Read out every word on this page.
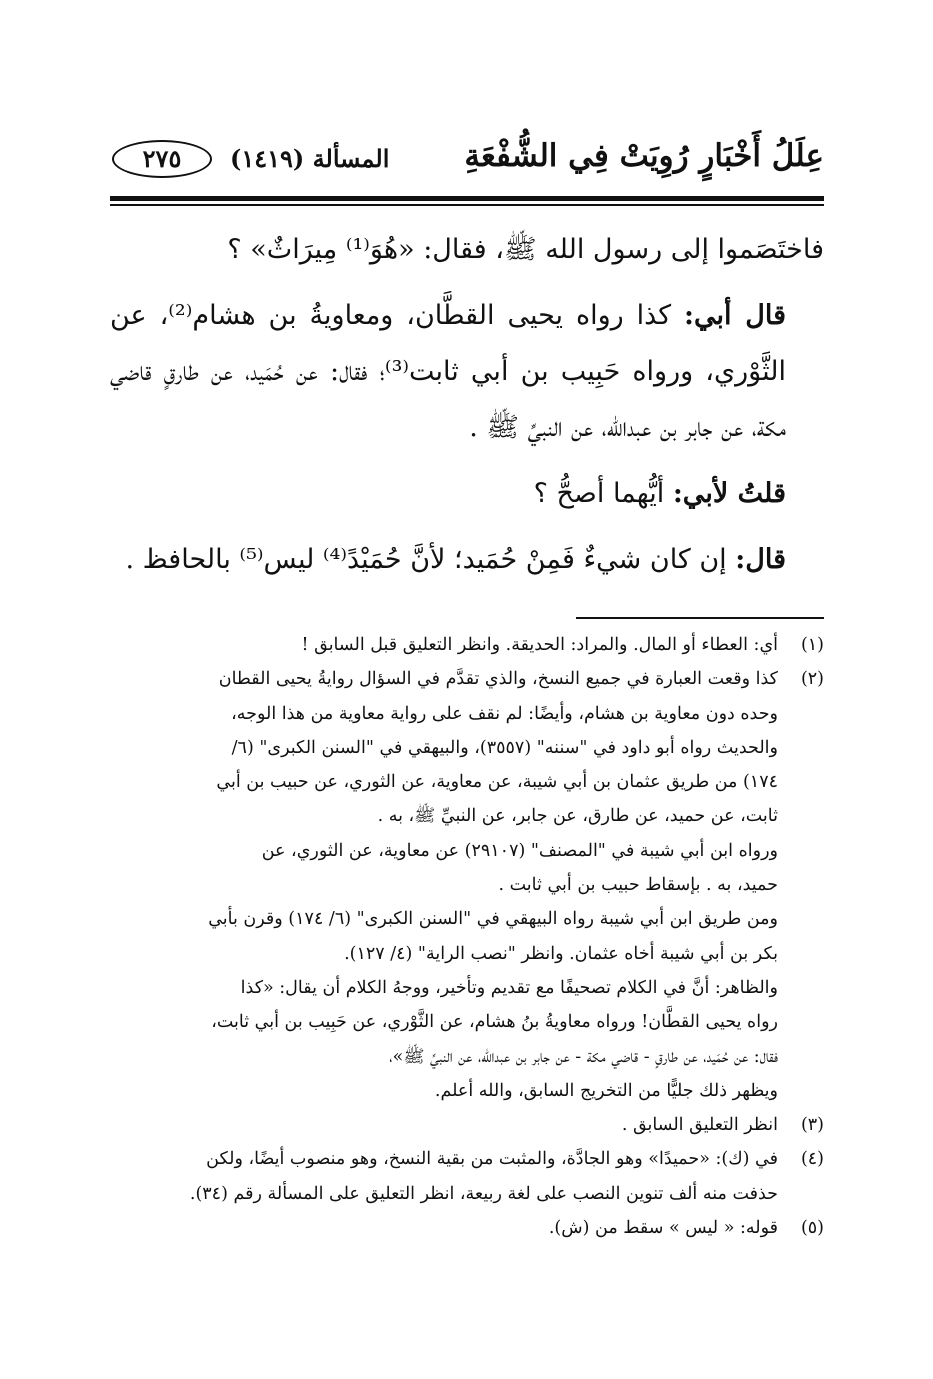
عِلَلُ أَخْبَارٍ رُوِيَتْ فِي الشُّفْعَةِ
المسألة (١٤١٩)
٢٧٥

فاختَصَموا إلى رسول الله ﷺ، فقال: «هُوَ⁽¹⁾ مِيرَاثٌ» ؟

قال أبي: كذا رواه يحيى القطَّان، ومعاويةُ بن هشام⁽²⁾، عن الثَّوْري، ورواه حَبِيب بن أبي ثابت⁽³⁾؛ فقال: عن حُمَيد، عن طارقٍ قاضي مكة، عن جابر بن عبدالله، عن النبيِّ ﷺ .

قلتُ لأبي: أيُّهما أصحُّ ؟

قال: إن كان شيءٌ فَمِنْ حُمَيد؛ لأنَّ حُمَيْدً⁽⁴⁾ ليس⁽⁵⁾ بالحافظ .

(١)
أي: العطاء أو المال. والمراد: الحديقة. وانظر التعليق قبل السابق !
(٢)
كذا وقعت العبارة في جميع النسخ، والذي تقدَّم في السؤال روايةُ يحيى القطان
وحده دون معاوية بن هشام، وأيضًا: لم نقف على رواية معاوية من هذا الوجه،
والحديث رواه أبو داود في "سننه" (٣٥٥٧)، والبيهقي في "السنن الكبرى" (٦/
١٧٤) من طريق عثمان بن أبي شيبة، عن معاوية، عن الثوري، عن حبيب بن أبي
ثابت، عن حميد، عن طارق، عن جابر، عن النبيِّ ﷺ، به .
ورواه ابن أبي شيبة في "المصنف" (٢٩١٠٧) عن معاوية، عن الثوري، عن
حميد، به . بإسقاط حبيب بن أبي ثابت .
ومن طريق ابن أبي شيبة رواه البيهقي في "السنن الكبرى" (٦/ ١٧٤) وقرن بأبي
بكر بن أبي شيبة أخاه عثمان. وانظر "نصب الراية" (٤/ ١٢٧).
والظاهر: أنَّ في الكلام تصحيفًا مع تقديم وتأخير، ووجهُ الكلام أن يقال: «كذا
رواه يحيى القطَّان! ورواه معاويةُ بنُ هشام، عن الثَّوْري، عن حَبِيب بن أبي ثابت،
فقال: عن حُمَيد، عن طارقٍ - قاضي مكة - عن جابر بن عبدالله، عن النبيِّ ﷺ»،
ويظهر ذلك جليًّا من التخريج السابق، والله أعلم.
(٣)
انظر التعليق السابق .
(٤)
في (ك): «حميدًا» وهو الجادَّة، والمثبت من بقية النسخ، وهو منصوب أيضًا، ولكن
حذفت منه ألف تنوين النصب على لغة ربيعة، انظر التعليق على المسألة رقم (٣٤).
(٥)
قوله: « ليس » سقط من (ش).
